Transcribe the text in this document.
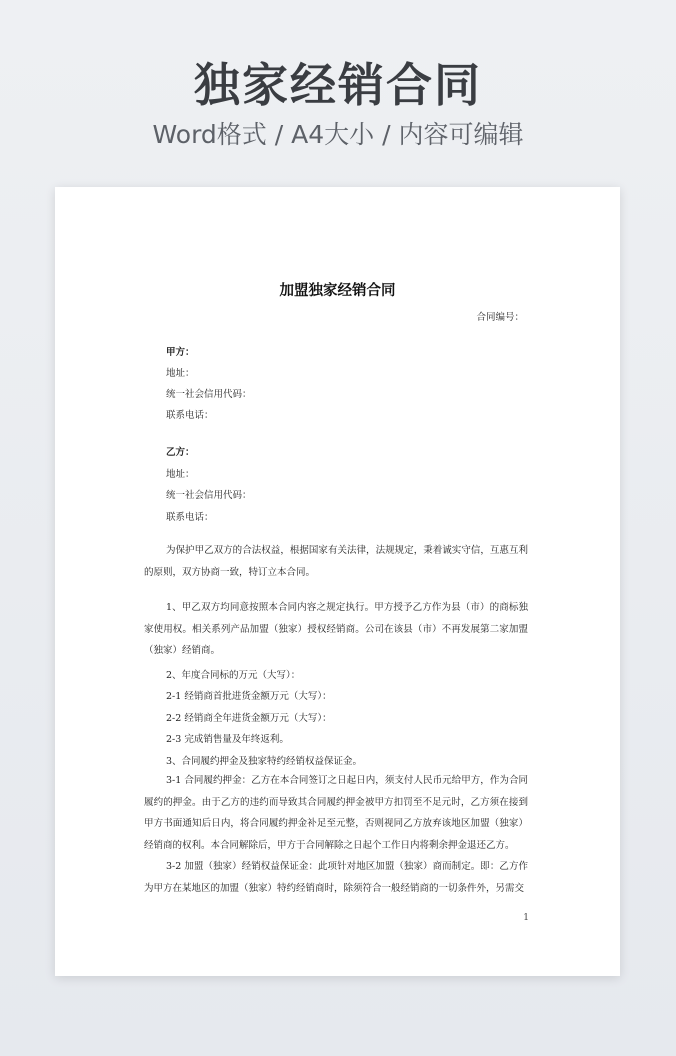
独家经销合同
Word格式 / A4大小 / 内容可编辑
加盟独家经销合同
合同编号：
甲方：
地址：
统一社会信用代码：
联系电话：
乙方：
地址：
统一社会信用代码：
联系电话：
为保护甲乙双方的合法权益，根据国家有关法律，法规规定，秉着诚实守信，互惠互利的原则，双方协商一致，特订立本合同。
1、甲乙双方均同意按照本合同内容之规定执行。甲方授予乙方作为县（市）的商标独家使用权。相关系列产品加盟（独家）授权经销商。公司在该县（市）不再发展第二家加盟（独家）经销商。
2、年度合同标的万元（大写）：
2-1 经销商首批进货金额万元（大写）：
2-2 经销商全年进货金额万元（大写）：
2-3 完成销售量及年终返利。
3、合同履约押金及独家特约经销权益保证金。
3-1 合同履约押金：乙方在本合同签订之日起日内，须支付人民币元给甲方，作为合同履约的押金。由于乙方的违约而导致其合同履约押金被甲方扣罚至不足元时，乙方须在接到甲方书面通知后日内，将合同履约押金补足至元整，否则视同乙方放弃该地区加盟（独家）经销商的权利。本合同解除后，甲方于合同解除之日起个工作日内将剩余押金退还乙方。
3-2 加盟（独家）经销权益保证金：此项针对地区加盟（独家）商而制定。即：乙方作为甲方在某地区的加盟（独家）特约经销商时，除须符合一般经销商的一切条件外，另需交
1
